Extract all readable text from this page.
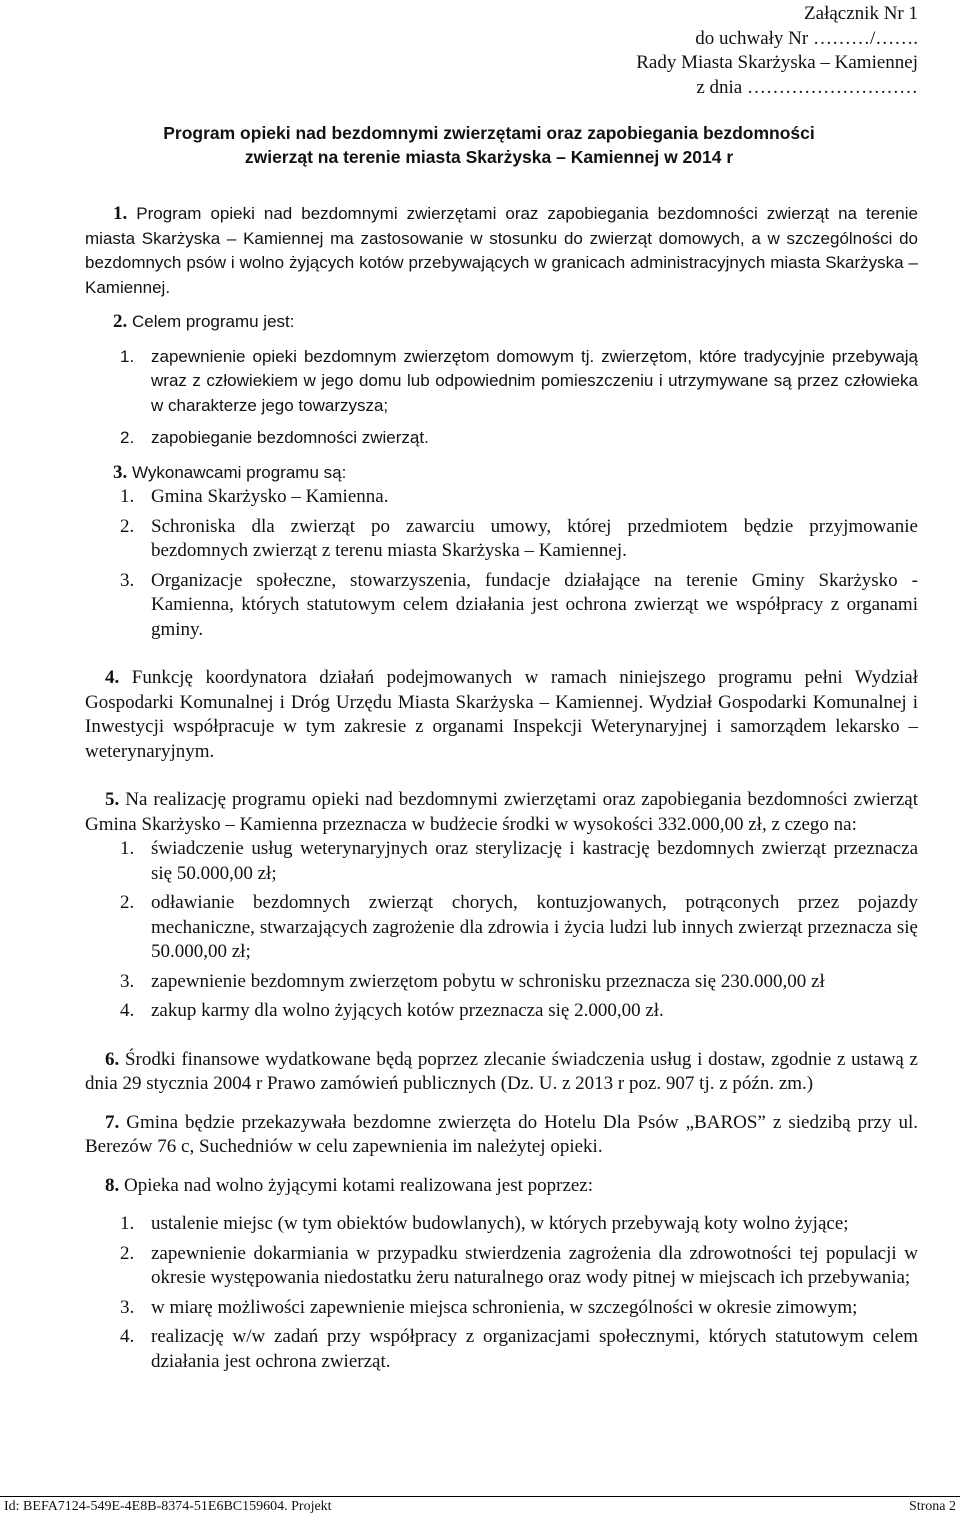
Załącznik Nr 1
do uchwały Nr ………/…….
Rady Miasta Skarżyska – Kamiennej
z dnia ………………………
Program opieki nad bezdomnymi zwierzętami oraz zapobiegania bezdomności
zwierząt na terenie miasta Skarżyska – Kamiennej w 2014 r

1. Program opieki nad bezdomnymi zwierzętami oraz zapobiegania bezdomności zwierząt na terenie miasta Skarżyska – Kamiennej ma zastosowanie w stosunku do zwierząt domowych, a w szczególności do bezdomnych psów i wolno żyjących kotów przebywających w granicach administracyjnych miasta Skarżyska – Kamiennej.

2. Celem programu jest:

1. zapewnienie opieki bezdomnym zwierzętom domowym tj. zwierzętom, które tradycyjnie przebywają wraz z człowiekiem w jego domu lub odpowiednim pomieszczeniu i utrzymywane są przez człowieka w charakterze jego towarzysza;
2. zapobieganie bezdomności zwierząt.

3. Wykonawcami programu są:

1. Gmina Skarżysko – Kamienna.
2. Schroniska dla zwierząt po zawarciu umowy, której przedmiotem będzie przyjmowanie bezdomnych zwierząt z terenu miasta Skarżyska – Kamiennej.
3. Organizacje społeczne, stowarzyszenia, fundacje działające na terenie Gminy Skarżysko - Kamienna, których statutowym celem działania jest ochrona zwierząt we współpracy z organami gminy.

4. Funkcję koordynatora działań podejmowanych w ramach niniejszego programu pełni Wydział Gospodarki Komunalnej i Dróg Urzędu Miasta Skarżyska – Kamiennej. Wydział Gospodarki Komunalnej i Inwestycji współpracuje w tym zakresie z organami Inspekcji Weterynaryjnej i samorządem lekarsko – weterynaryjnym.

5. Na realizację programu opieki nad bezdomnymi zwierzętami oraz zapobiegania bezdomności zwierząt Gmina Skarżysko – Kamienna przeznacza w budżecie środki w wysokości 332.000,00 zł, z czego na:

1. świadczenie usług weterynaryjnych oraz sterylizację i kastrację bezdomnych zwierząt przeznacza się 50.000,00 zł;
2. odławianie bezdomnych zwierząt chorych, kontuzjowanych, potrąconych przez pojazdy mechaniczne, stwarzających zagrożenie dla zdrowia i życia ludzi lub innych zwierząt przeznacza się 50.000,00 zł;
3. zapewnienie bezdomnym zwierzętom pobytu w schronisku przeznacza się 230.000,00 zł
4. zakup karmy dla wolno żyjących kotów przeznacza się 2.000,00 zł.

6. Środki finansowe wydatkowane będą poprzez zlecanie świadczenia usług i dostaw, zgodnie z ustawą z dnia 29 stycznia 2004 r Prawo zamówień publicznych (Dz. U. z 2013 r poz. 907 tj. z późn. zm.)

7. Gmina będzie przekazywała bezdomne zwierzęta do Hotelu Dla Psów „BAROS” z siedzibą przy ul. Berezów 76 c, Suchedniów w celu zapewnienia im należytej opieki.

8. Opieka nad wolno żyjącymi kotami realizowana jest poprzez:

1. ustalenie miejsc (w tym obiektów budowlanych), w których przebywają koty wolno żyjące;
2. zapewnienie dokarmiania w przypadku stwierdzenia zagrożenia dla zdrowotności tej populacji w okresie występowania niedostatku żeru naturalnego oraz wody pitnej w miejscach ich przebywania;
3. w miarę możliwości zapewnienie miejsca schronienia, w szczególności w okresie zimowym;
4. realizację w/w zadań przy współpracy z organizacjami społecznymi, których statutowym celem działania jest ochrona zwierząt.
Id: BEFA7124-549E-4E8B-8374-51E6BC159604. Projekt	Strona 2
